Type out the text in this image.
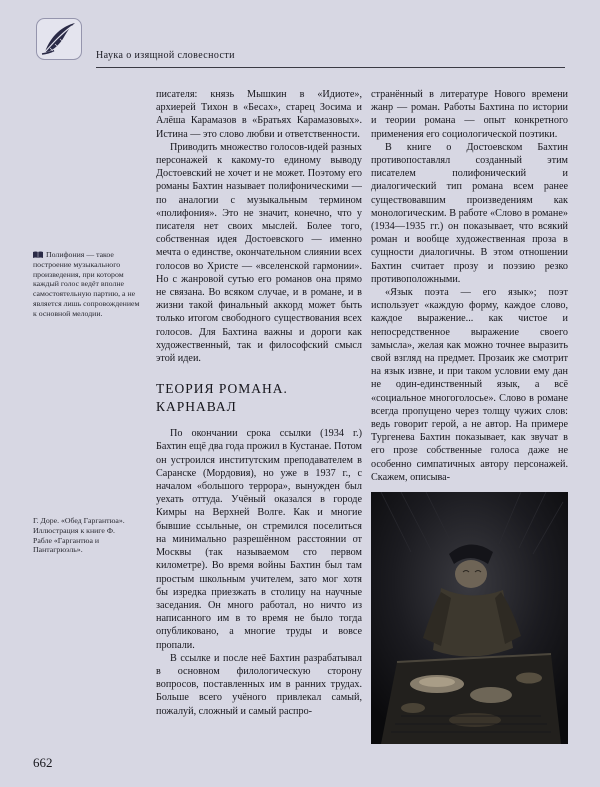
Наука о изящной словесности
Полифония — такое построение музыкального произведения, при котором каждый голос ведёт вполне самостоятельную партию, а не является лишь сопровождением к основной мелодии.
Г. Доре. «Обед Гаргантюа». Иллюстрация к книге Ф. Рабле «Гаргантюа и Пантагрюэль».

писателя: князь Мышкин в «Идиоте», архиерей Тихон в «Бесах», старец Зосима и Алёша Карамазов в «Братьях Карамазовых». Истина — это слово любви и ответственности.

Приводить множество голосов-идей разных персонажей к какому-то единому выводу Достоевский не хочет и не может. Поэтому его романы Бахтин называет полифоническими — по аналогии с музыкальным термином «полифония». Это не значит, конечно, что у писателя нет своих мыслей. Более того, собственная идея Достоевского — именно мечта о единстве, окончательном слиянии всех голосов во Христе — «вселенской гармонии». Но с жанровой сутью его романов она прямо не связана. Во всяком случае, и в романе, и в жизни такой финальный аккорд может быть только итогом свободного существования всех голосов. Для Бахтина важны и дороги как художественный, так и философский смысл этой идеи.

ТЕОРИЯ РОМАНА.
КАРНАВАЛ

По окончании срока ссылки (1934 г.) Бахтин ещё два года прожил в Кустанае. Потом он устроился институтским преподавателем в Саранске (Мордовия), но уже в 1937 г., с началом «большого террора», вынужден был уехать оттуда. Учёный оказался в городе Кимры на Верхней Волге. Как и многие бывшие ссыльные, он стремился поселиться на минимально разрешённом расстоянии от Москвы (так называемом сто первом километре). Во время войны Бахтин был там простым школьным учителем, зато мог хотя бы изредка приезжать в столицу на научные заседания. Он много работал, но ничто из написанного им в то время не было тогда опубликовано, а многие труды и вовсе пропали.

В ссылке и после неё Бахтин разрабатывал в основном филологическую сторону вопросов, поставленных им в ранних трудах. Больше всего учёного привлекал самый, пожалуй, сложный и самый распро-

странённый в литературе Нового времени жанр — роман. Работы Бахтина по истории и теории романа — опыт конкретного применения его социологической поэтики.

В книге о Достоевском Бахтин противопоставлял созданный этим писателем полифонический и диалогический тип романа всем ранее существовавшим произведениям как монологическим. В работе «Слово в романе» (1934—1935 гг.) он показывает, что всякий роман и вообще художественная проза в сущности диалогичны. В этом отношении Бахтин считает прозу и поэзию резко противоположными.

«Язык поэта — его язык»; поэт использует «каждую форму, каждое слово, каждое выражение... как чистое и непосредственное выражение своего замысла», желая как можно точнее выразить свой взгляд на предмет. Прозаик же смотрит на язык извне, и при таком условии ему дан не один-единственный язык, а всё «социальное многоголосье». Слово в романе всегда пропущено через толщу чужих слов: ведь говорит герой, а не автор. На примере Тургенева Бахтин показывает, как звучат в его прозе собственные голоса даже не особенно симпатичных автору персонажей. Скажем, описыва-

662
